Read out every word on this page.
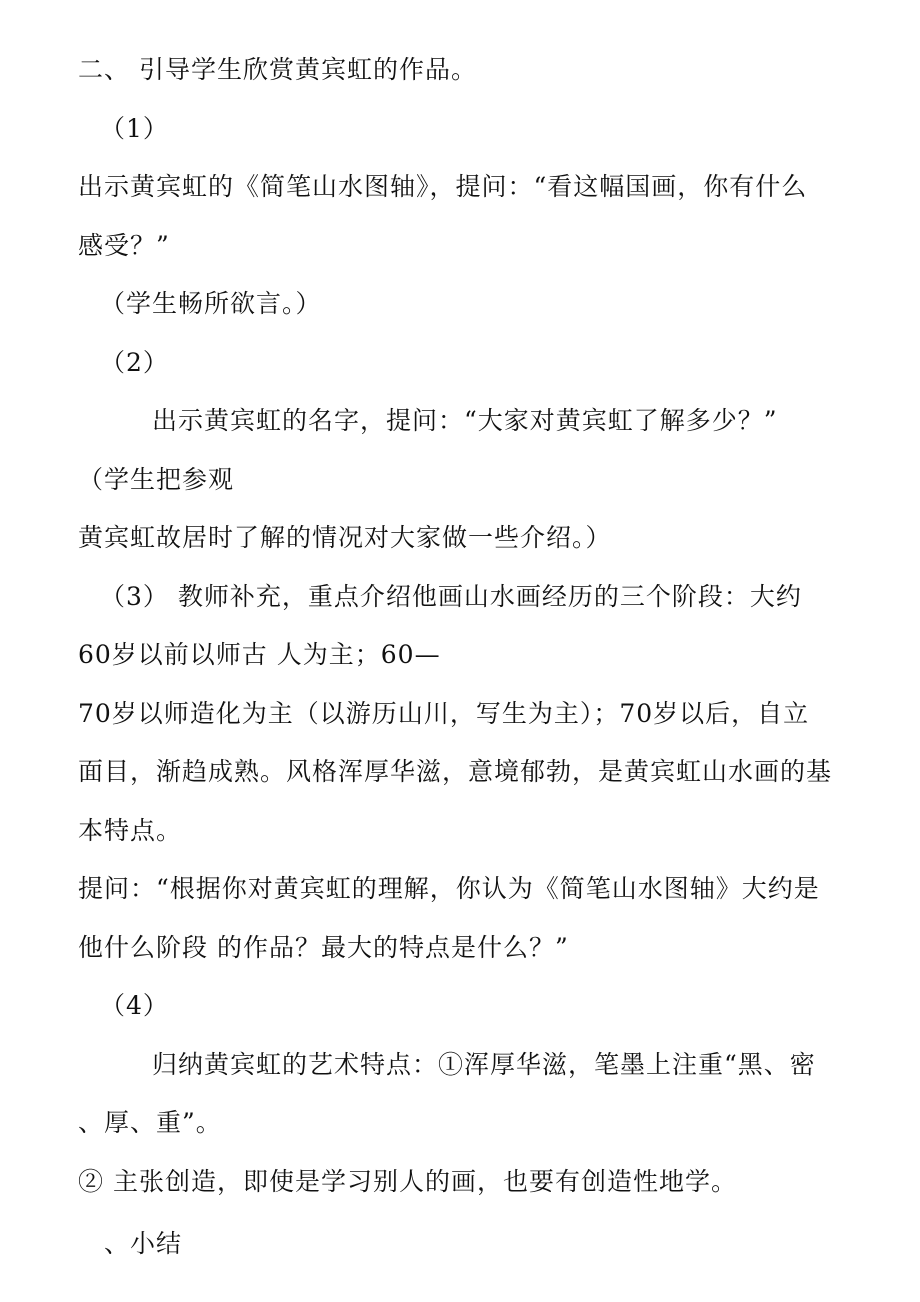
二、 引导学生欣赏黄宾虹的作品。
（1）
出示黄宾虹的《简笔山水图轴》，提问：“看这幅国画，你有什么
感受？”
（学生畅所欲言。）
（2）
出示黄宾虹的名字，提问：“大家对黄宾虹了解多少？”
（学生把参观
黄宾虹故居时了解的情况对大家做一些介绍。）
（3） 教师补充，重点介绍他画山水画经历的三个阶段：大约
60岁以前以师古 人为主；60—
70岁以师造化为主（以游历山川，写生为主）；70岁以后，自立
面目，渐趋成熟。风格浑厚华滋，意境郁勃，是黄宾虹山水画的基
本特点。
提问：“根据你对黄宾虹的理解，你认为《简笔山水图轴》大约是
他什么阶段 的作品？最大的特点是什么？”
（4）
归纳黄宾虹的艺术特点：①浑厚华滋，笔墨上注重“黑、密
、厚、重”。
② 主张创造，即使是学习别人的画，也要有创造性地学。
、小结
